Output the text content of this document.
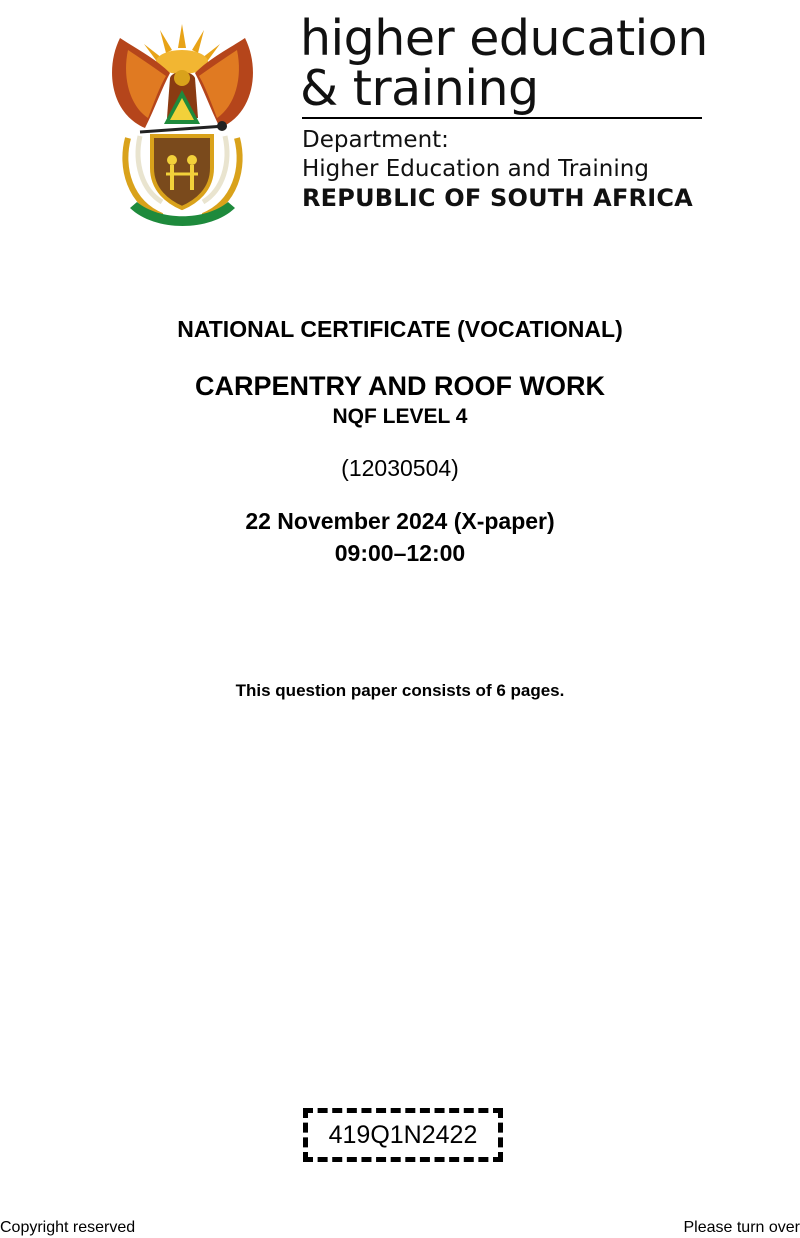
higher education
& training
Department:
Higher Education and Training
REPUBLIC OF SOUTH AFRICA
NATIONAL CERTIFICATE (VOCATIONAL)
CARPENTRY AND ROOF WORK
NQF LEVEL 4
(12030504)
22 November 2024 (X-paper)
09:00–12:00
This question paper consists of 6 pages.
419Q1N2422
Copyright reserved	Please turn over
